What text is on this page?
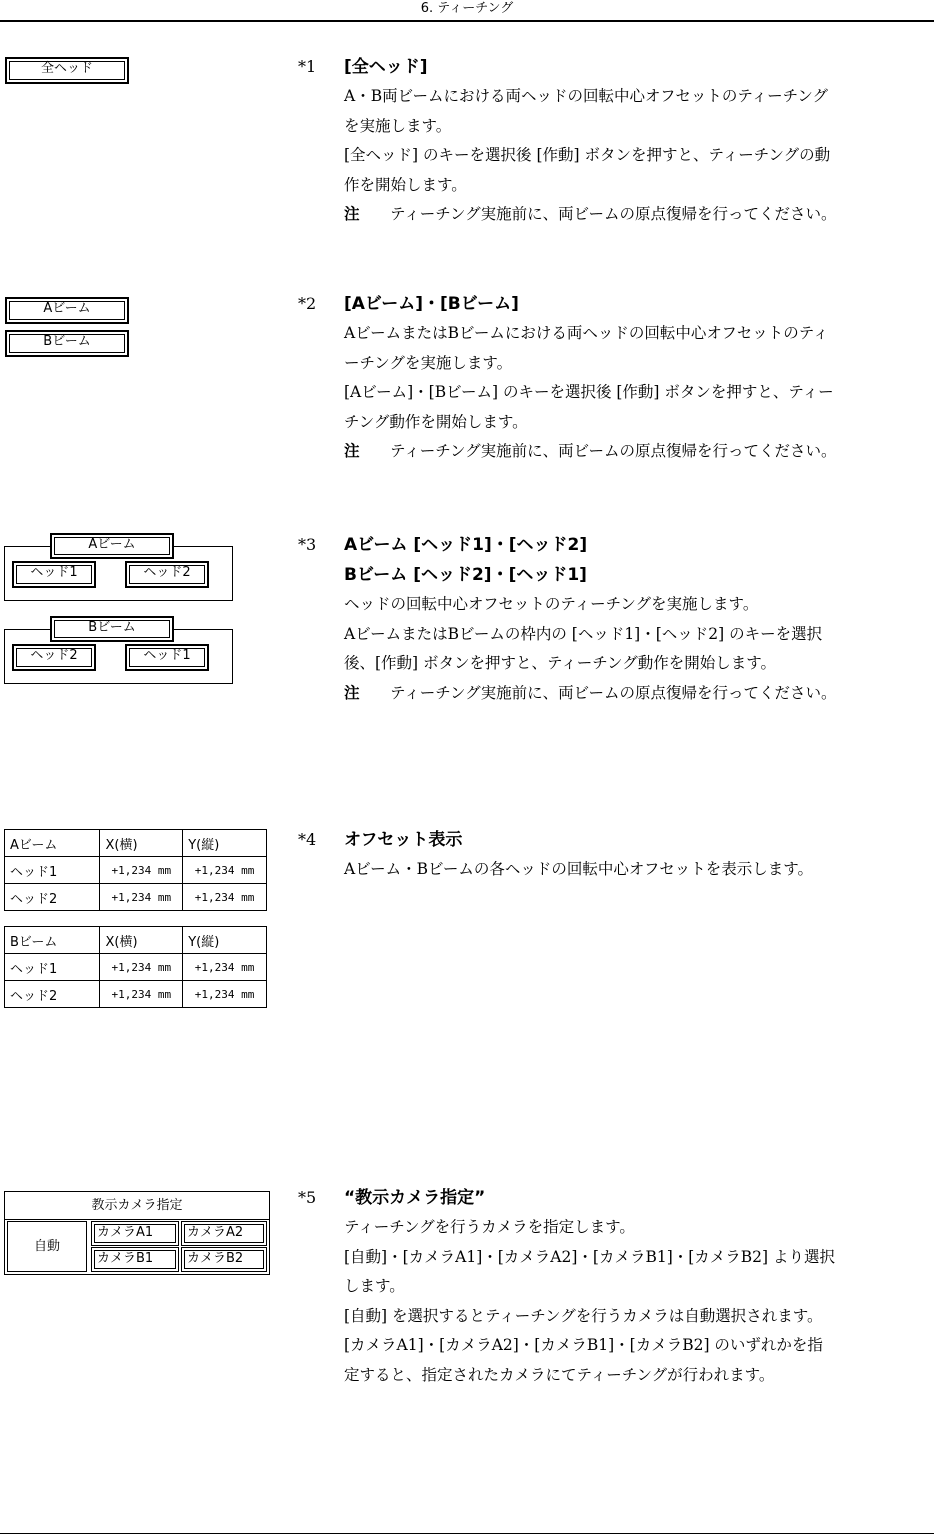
6. ティーチング
全ヘッド
Aビーム
Bビーム
Aビーム
ヘッド1	ヘッド2
Bビーム
ヘッド2	ヘッド1
Aビーム	X(横)	Y(縦)
ヘッド1	+1,234 mm	+1,234 mm
ヘッド2	+1,234 mm	+1,234 mm
Bビーム	X(横)	Y(縦)
ヘッド1	+1,234 mm	+1,234 mm
ヘッド2	+1,234 mm	+1,234 mm
教示カメラ指定
自動
カメラA1	カメラA2
カメラB1	カメラB2
*1	[全ヘッド]

A・B両ビームにおける両ヘッドの回転中心オフセットのティーチングを実施します。

[全ヘッド] のキーを選択後 [作動] ボタンを押すと、ティーチングの動作を開始します。

注 ティーチング実施前に、両ビームの原点復帰を行ってください。
*2	[Aビーム]・[Bビーム]

AビームまたはBビームにおける両ヘッドの回転中心オフセットのティーチングを実施します。

[Aビーム]・[Bビーム] のキーを選択後 [作動] ボタンを押すと、ティーチング動作を開始します。

注 ティーチング実施前に、両ビームの原点復帰を行ってください。
*3	Aビーム [ヘッド1]・[ヘッド2]
Bビーム [ヘッド2]・[ヘッド1]

ヘッドの回転中心オフセットのティーチングを実施します。

AビームまたはBビームの枠内の [ヘッド1]・[ヘッド2] のキーを選択後、[作動] ボタンを押すと、ティーチング動作を開始します。

注 ティーチング実施前に、両ビームの原点復帰を行ってください。
*4	オフセット表示

Aビーム・Bビームの各ヘッドの回転中心オフセットを表示します。

*5	“教示カメラ指定”

ティーチングを行うカメラを指定します。

[自動]・[カメラA1]・[カメラA2]・[カメラB1]・[カメラB2] より選択します。

[自動] を選択するとティーチングを行うカメラは自動選択されます。

[カメラA1]・[カメラA2]・[カメラB1]・[カメラB2] のいずれかを指定すると、指定されたカメラにてティーチングが行われます。
